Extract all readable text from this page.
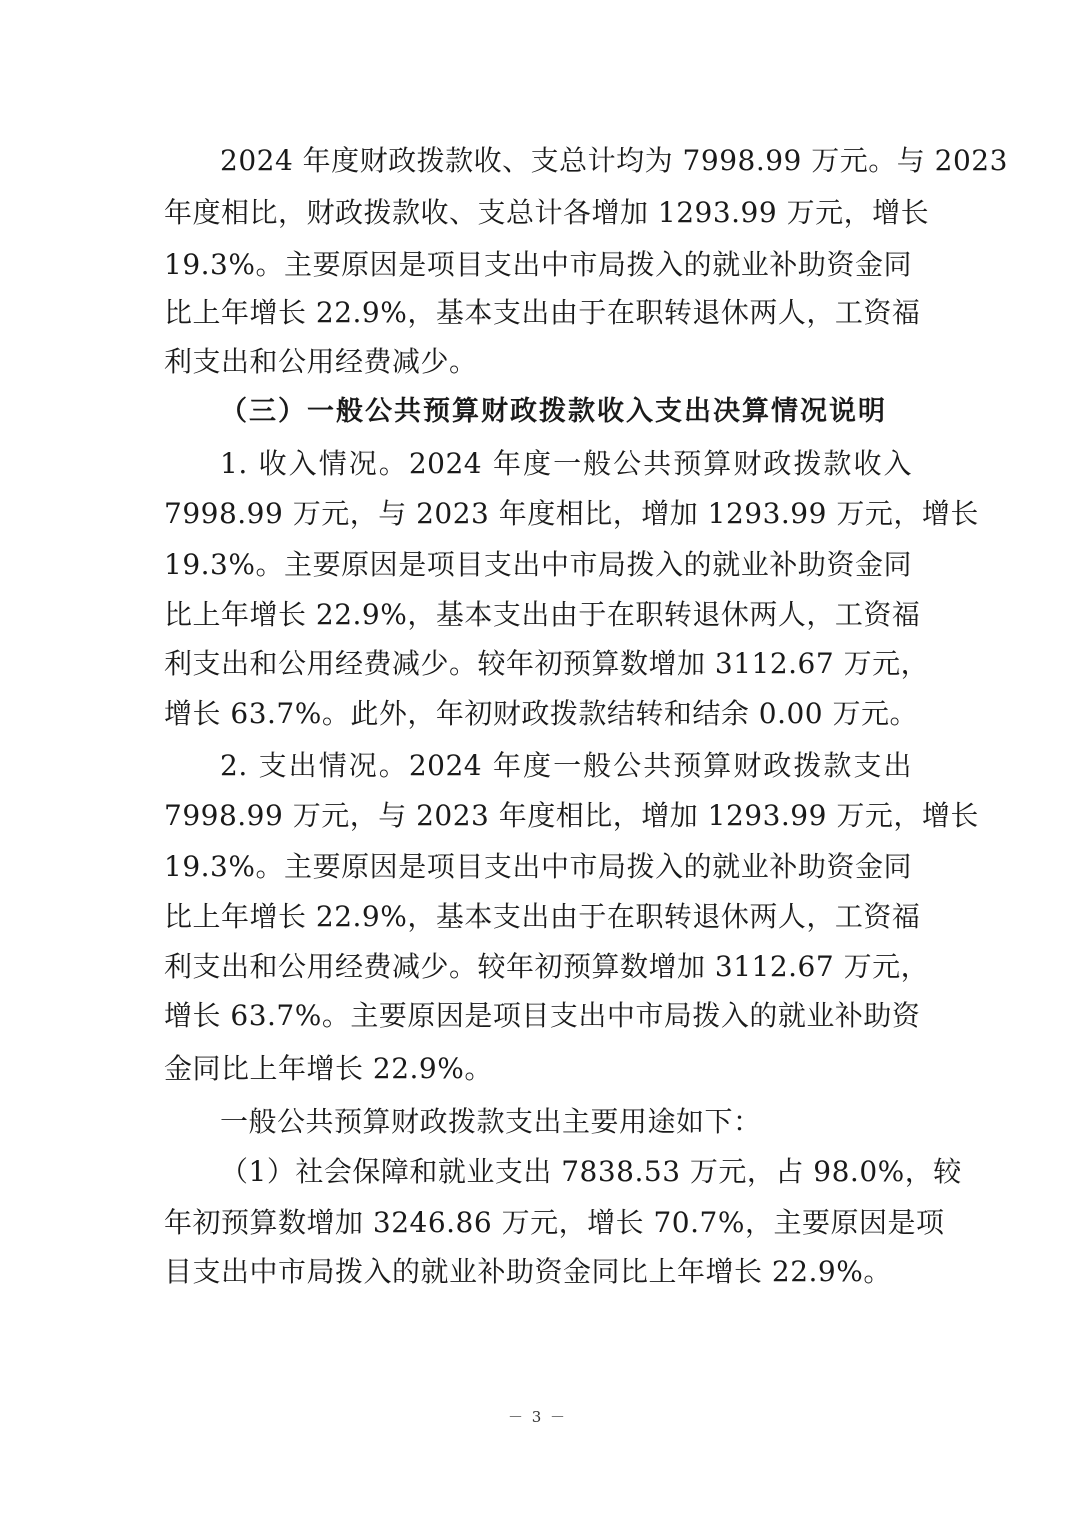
2024 年度财政拨款收、支总计均为 7998.99 万元。与 2023
年度相比，财政拨款收、支总计各增加 1293.99 万元，增长
19.3%。主要原因是项目支出中市局拨入的就业补助资金同
比上年增长 22.9%，基本支出由于在职转退休两人，工资福
利支出和公用经费减少。
（三）一般公共预算财政拨款收入支出决算情况说明
1. 收入情况。2024 年度一般公共预算财政拨款收入
7998.99 万元，与 2023 年度相比，增加 1293.99 万元，增长
19.3%。主要原因是项目支出中市局拨入的就业补助资金同
比上年增长 22.9%，基本支出由于在职转退休两人，工资福
利支出和公用经费减少。较年初预算数增加 3112.67 万元，
增长 63.7%。此外，年初财政拨款结转和结余 0.00 万元。
2. 支出情况。2024 年度一般公共预算财政拨款支出
7998.99 万元，与 2023 年度相比，增加 1293.99 万元，增长
19.3%。主要原因是项目支出中市局拨入的就业补助资金同
比上年增长 22.9%，基本支出由于在职转退休两人，工资福
利支出和公用经费减少。较年初预算数增加 3112.67 万元，
增长 63.7%。主要原因是项目支出中市局拨入的就业补助资
金同比上年增长 22.9%。
一般公共预算财政拨款支出主要用途如下：
（1）社会保障和就业支出 7838.53 万元，占 98.0%，较
年初预算数增加 3246.86 万元，增长 70.7%，主要原因是项
目支出中市局拨入的就业补助资金同比上年增长 22.9%。
－ 3 －
